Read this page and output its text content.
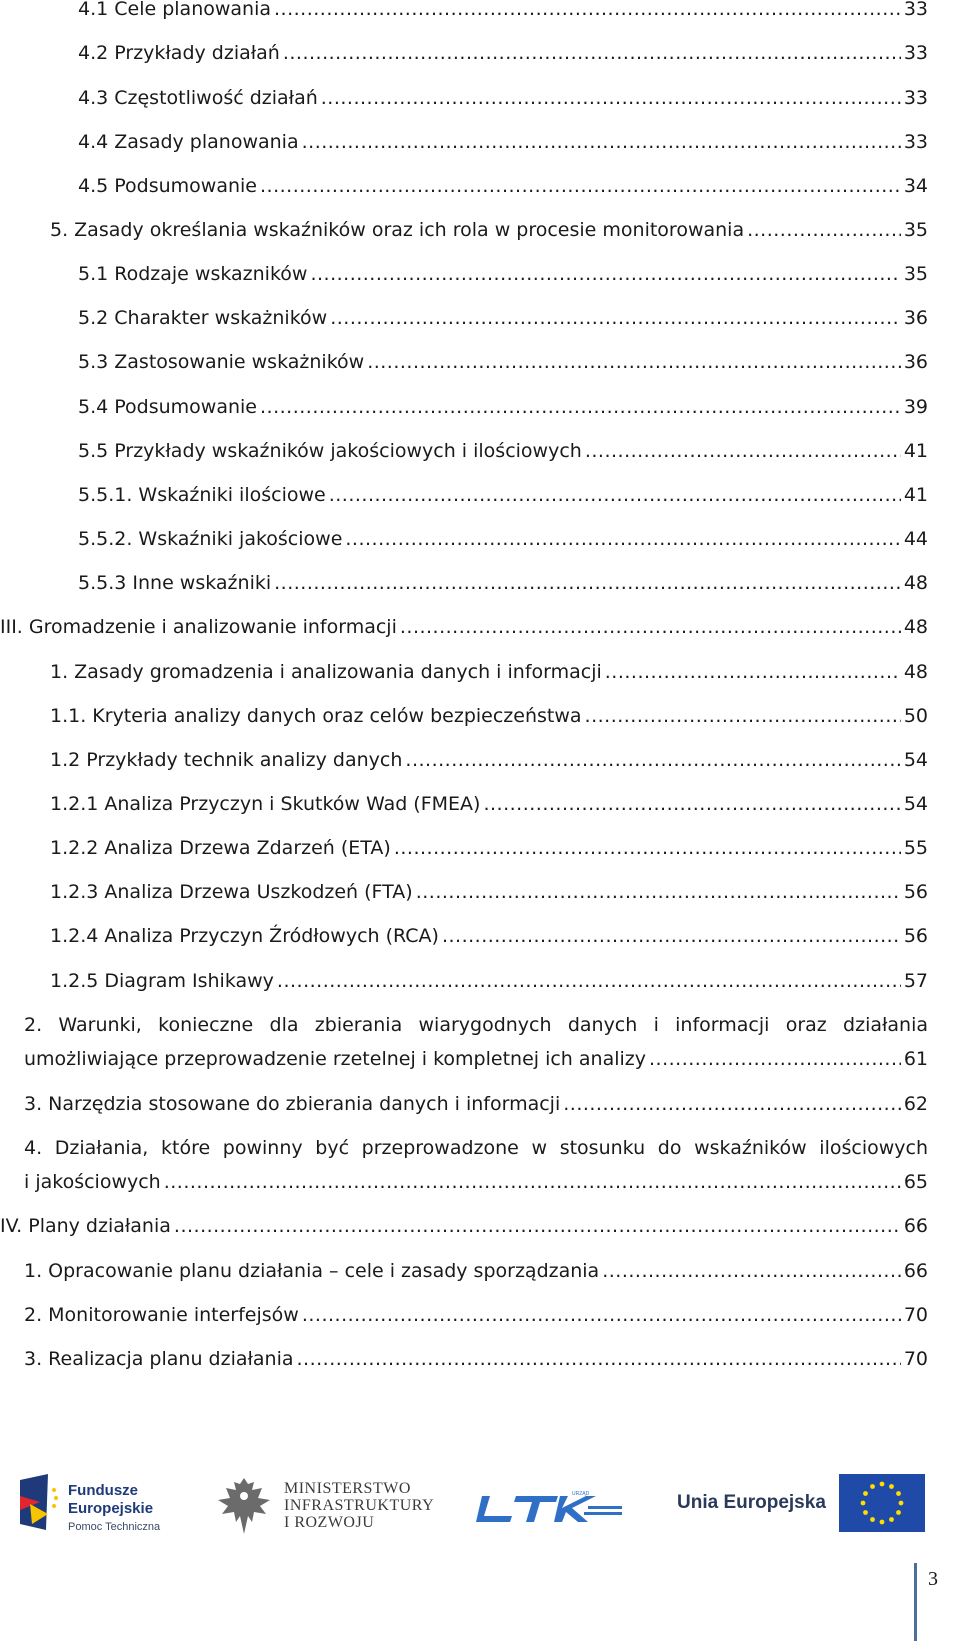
4.1 Cele planowania .....	33
4.2 Przykłady działań .....	33
4.3 Częstotliwość działań .....	33
4.4 Zasady planowania .....	33
4.5 Podsumowanie .....	34
5. Zasady określania wskaźników oraz ich rola w procesie monitorowania .....	35
5.1 Rodzaje wskazników .....	35
5.2 Charakter wskażników .....	36
5.3 Zastosowanie wskażników .....	36
5.4 Podsumowanie .....	39
5.5 Przykłady wskaźników jakościowych i ilościowych .....	41
5.5.1. Wskaźniki ilościowe .....	41
5.5.2. Wskaźniki jakościowe .....	44
5.5.3 Inne wskaźniki .....	48
III. Gromadzenie i analizowanie informacji .....	48
1. Zasady gromadzenia i analizowania danych i informacji .....	48
1.1. Kryteria analizy danych oraz celów bezpieczeństwa .....	50
1.2 Przykłady technik analizy danych .....	54
1.2.1 Analiza Przyczyn i Skutków Wad (FMEA) .....	54
1.2.2 Analiza Drzewa Zdarzeń (ETA) .....	55
1.2.3 Analiza Drzewa Uszkodzeń (FTA) .....	56
1.2.4 Analiza Przyczyn Źródłowych (RCA) .....	56
1.2.5 Diagram Ishikawy .....	57
2. Warunki, konieczne dla zbierania wiarygodnych danych i informacji oraz działania
umożliwiające przeprowadzenie rzetelnej i kompletnej ich analizy .....	61
3. Narzędzia stosowane do zbierania danych i informacji .....	62
4. Działania, które powinny być przeprowadzone w stosunku do wskaźników ilościowych
i jakościowych .....	65
IV. Plany działania .....	66
1. Opracowanie planu działania – cele i zasady sporządzania .....	66
2. Monitorowanie interfejsów .....	70
3. Realizacja planu działania .....	70
Fundusze
Europejskie
Pomoc Techniczna
MINISTERSTWO
INFRASTRUKTURY
I ROZWOJU
URZĄD	Unia Europejska
3
